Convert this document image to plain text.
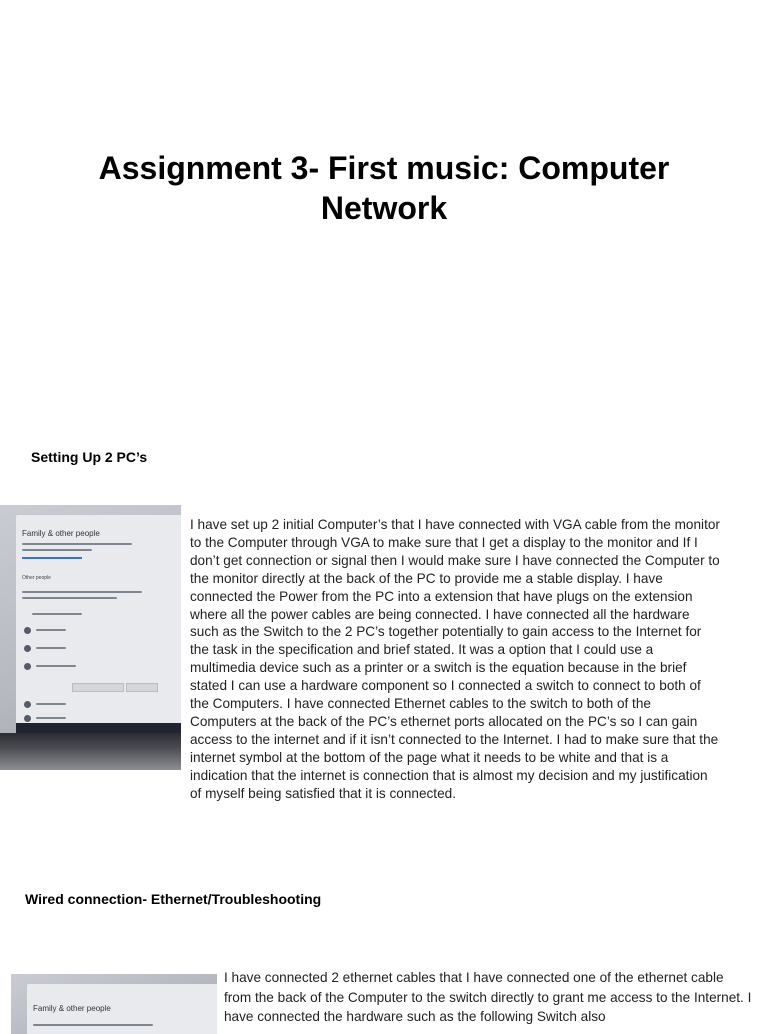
Assignment 3- First music: Computer Network
Setting Up 2 PC’s
Family & other people
Other people
I have set up 2 initial Computer’s that I have connected with VGA cable from the monitor to the Computer through VGA to make sure that I get a display to the monitor and If I don’t get connection or signal then I would make sure I have connected the Computer to the monitor directly at the back of the PC to provide me a stable display. I have connected the Power from the PC into a extension that have plugs on the extension where all the power cables are being connected. I have connected all the hardware such as the Switch to the 2 PC’s together potentially to gain access to the Internet for the task in the specification and brief stated. It was a option that I could use a multimedia device such as a printer or a switch is the equation because in the brief stated I can use a hardware component so I connected a switch to connect to both of the Computers. I have connected Ethernet cables to the switch to both of the Computers at the back of the PC’s ethernet ports allocated on the PC’s so I can gain access to the internet and if it isn’t connected to the Internet. I had to make sure that the internet symbol at the bottom of the page what it needs to be white and that is a indication that the internet is connection that is almost my decision and my justification of myself being satisfied that it is connected.
Wired connection- Ethernet/Troubleshooting
Family & other people
I have connected 2 ethernet cables that I have connected one of the ethernet cable from the back of the Computer to the switch directly to grant me access to the Internet. I have connected the hardware such as the following Switch also
